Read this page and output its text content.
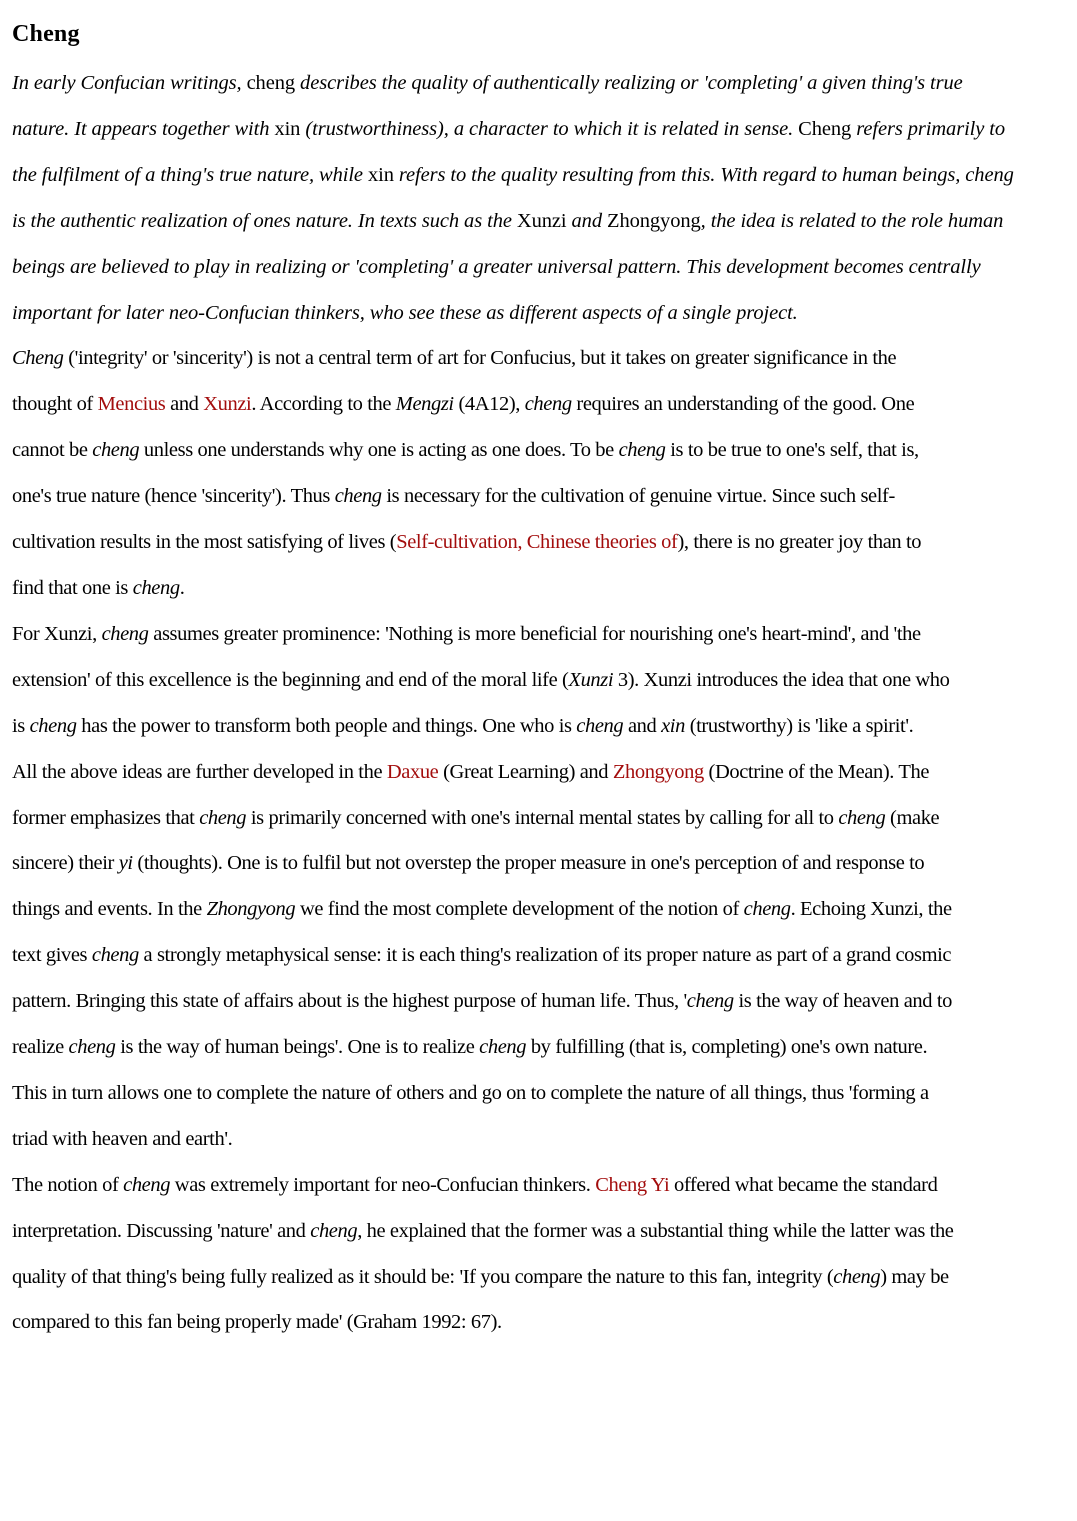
Cheng

In early Confucian writings, cheng describes the quality of authentically realizing or 'completing' a given thing's true nature. It appears together with xin (trustworthiness), a character to which it is related in sense. Cheng refers primarily to the fulfilment of a thing's true nature, while xin refers to the quality resulting from this. With regard to human beings, cheng is the authentic realization of ones nature. In texts such as the Xunzi and Zhongyong, the idea is related to the role human beings are believed to play in realizing or 'completing' a greater universal pattern. This development becomes centrally important for later neo-Confucian thinkers, who see these as different aspects of a single project.

Cheng ('integrity' or 'sincerity') is not a central term of art for Confucius, but it takes on greater significance in the thought of Mencius and Xunzi. According to the Mengzi (4A12), cheng requires an understanding of the good. One cannot be cheng unless one understands why one is acting as one does. To be cheng is to be true to one's self, that is, one's true nature (hence 'sincerity'). Thus cheng is necessary for the cultivation of genuine virtue. Since such self-cultivation results in the most satisfying of lives (Self-cultivation, Chinese theories of), there is no greater joy than to find that one is cheng.

For Xunzi, cheng assumes greater prominence: 'Nothing is more beneficial for nourishing one's heart-mind', and 'the extension' of this excellence is the beginning and end of the moral life (Xunzi 3). Xunzi introduces the idea that one who is cheng has the power to transform both people and things. One who is cheng and xin (trustworthy) is 'like a spirit'.

All the above ideas are further developed in the Daxue (Great Learning) and Zhongyong (Doctrine of the Mean). The former emphasizes that cheng is primarily concerned with one's internal mental states by calling for all to cheng (make sincere) their yi (thoughts). One is to fulfil but not overstep the proper measure in one's perception of and response to things and events. In the Zhongyong we find the most complete development of the notion of cheng. Echoing Xunzi, the text gives cheng a strongly metaphysical sense: it is each thing's realization of its proper nature as part of a grand cosmic pattern. Bringing this state of affairs about is the highest purpose of human life. Thus, 'cheng is the way of heaven and to realize cheng is the way of human beings'. One is to realize cheng by fulfilling (that is, completing) one's own nature. This in turn allows one to complete the nature of others and go on to complete the nature of all things, thus 'forming a triad with heaven and earth'.

The notion of cheng was extremely important for neo-Confucian thinkers. Cheng Yi offered what became the standard interpretation. Discussing 'nature' and cheng, he explained that the former was a substantial thing while the latter was the quality of that thing's being fully realized as it should be: 'If you compare the nature to this fan, integrity (cheng) may be compared to this fan being properly made' (Graham 1992: 67).
